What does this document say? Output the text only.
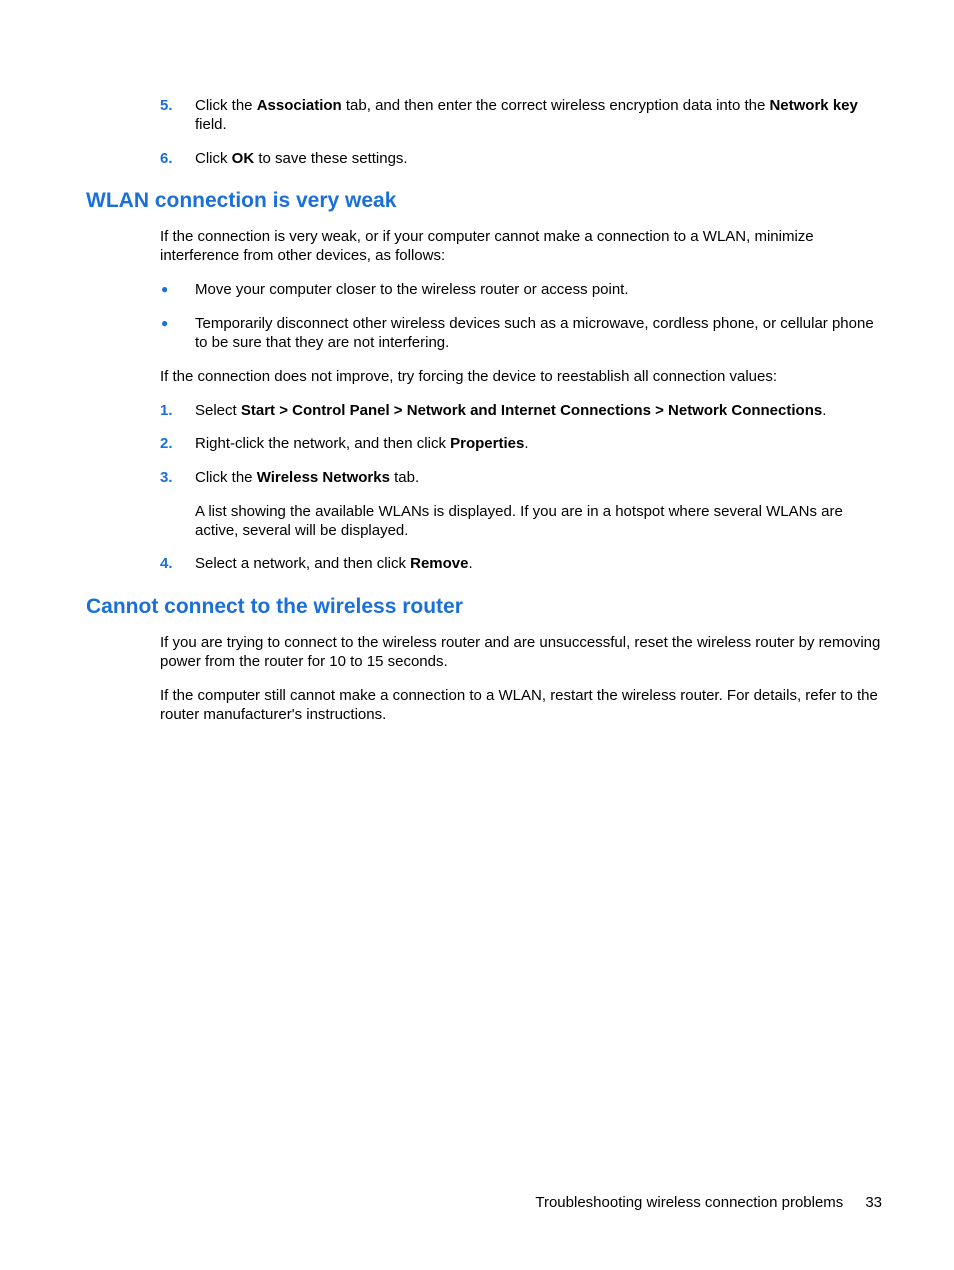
5.	Click the Association tab, and then enter the correct wireless encryption data into the Network key field.
6.	Click OK to save these settings.
WLAN connection is very weak

If the connection is very weak, or if your computer cannot make a connection to a WLAN, minimize interference from other devices, as follows:

● Move your computer closer to the wireless router or access point.
● Temporarily disconnect other wireless devices such as a microwave, cordless phone, or cellular phone to be sure that they are not interfering.

If the connection does not improve, try forcing the device to reestablish all connection values:

1.	Select Start > Control Panel > Network and Internet Connections > Network Connections.
2.	Right-click the network, and then click Properties.
3.	Click the Wireless Networks tab.
A list showing the available WLANs is displayed. If you are in a hotspot where several WLANs are active, several will be displayed.
4.	Select a network, and then click Remove.
Cannot connect to the wireless router

If you are trying to connect to the wireless router and are unsuccessful, reset the wireless router by removing power from the router for 10 to 15 seconds.

If the computer still cannot make a connection to a WLAN, restart the wireless router. For details, refer to the router manufacturer's instructions.

Troubleshooting wireless connection problems 33
